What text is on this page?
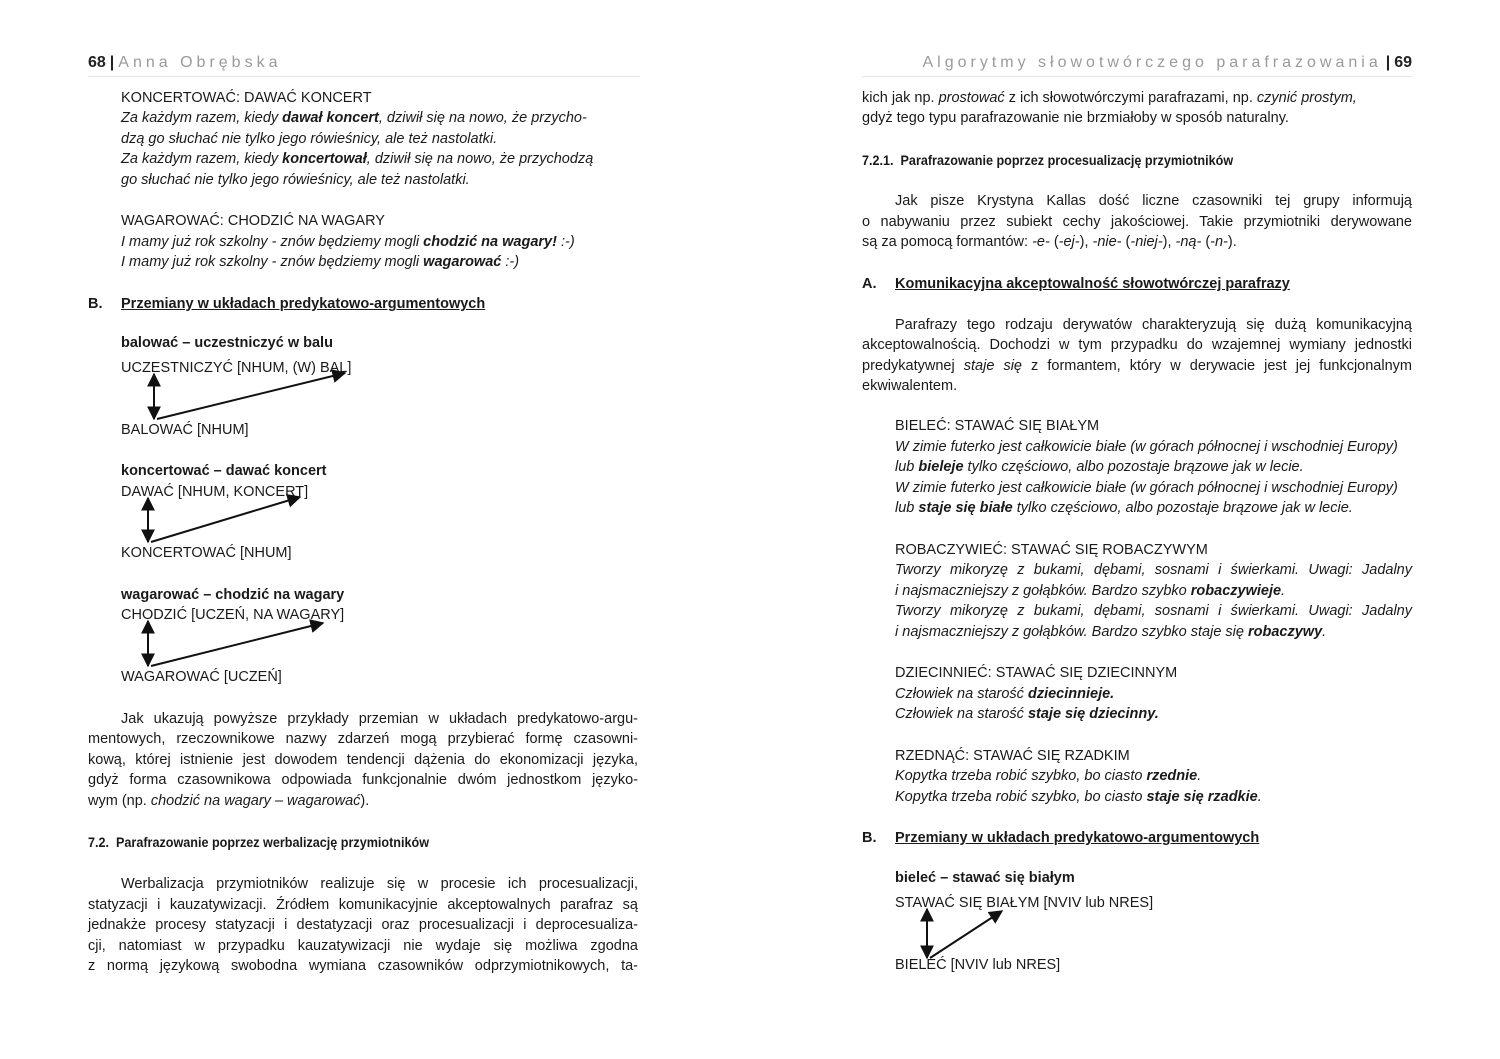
68 | Anna Obrębska
KONCERTOWAĆ: DAWAĆ KONCERT
Za każdym razem, kiedy dawał koncert, dziwił się na nowo, że przycho-
dzą go słuchać nie tylko jego rówieśnicy, ale też nastolatki.
Za każdym razem, kiedy koncertował, dziwił się na nowo, że przychodzą
go słuchać nie tylko jego rówieśnicy, ale też nastolatki.
WAGAROWAĆ: CHODZIĆ NA WAGARY
I mamy już rok szkolny - znów będziemy mogli chodzić na wagary! :-)
I mamy już rok szkolny - znów będziemy mogli wagarować :-)
B. Przemiany w układach predykatowo-argumentowych
balować – uczestniczyć w balu
UCZESTNICZYĆ [NHUM, (W) BAL]
BALOWAĆ [NHUM]
koncertować – dawać koncert
DAWAĆ [NHUM, KONCERT]
KONCERTOWAĆ [NHUM]
wagarować – chodzić na wagary
CHODZIĆ [UCZEŃ, NA WAGARY]
WAGAROWAĆ [UCZEŃ]
Jak ukazują powyższe przykłady przemian w układach predykatowo-argu-
mentowych, rzeczownikowe nazwy zdarzeń mogą przybierać formę czasowni-
kową, której istnienie jest dowodem tendencji dążenia do ekonomizacji języka,
gdyż forma czasownikowa odpowiada funkcjonalnie dwóm jednostkom języko-
wym (np. chodzić na wagary – wagarować).
7.2.  Parafrazowanie poprzez werbalizację przymiotników
Werbalizacja przymiotników realizuje się w procesie ich procesualizacji,
statyzacji i kauzatywizacji. Źródłem komunikacyjnie akceptowalnych parafraz są
jednakże procesy statyzacji i destatyzacji oraz procesualizacji i deprocesualiza-
cji, natomiast w przypadku kauzatywizacji nie wydaje się możliwa zgodna
z normą językową swobodna wymiana czasowników odprzymiotnikowych, ta-
Algorytmy słowotwórczego parafrazowania | 69
kich jak np. prostować z ich słowotwórczymi parafrazami, np. czynić prostym,
gdyż tego typu parafrazowanie nie brzmiałoby w sposób naturalny.
7.2.1.  Parafrazowanie poprzez procesualizację przymiotników
Jak pisze Krystyna Kallas dość liczne czasowniki tej grupy informują
o nabywaniu przez subiekt cechy jakościowej. Takie przymiotniki derywowane
są za pomocą formantów: -e- (-ej-), -nie- (-niej-), -ną- (-n-).
A. Komunikacyjna akceptowalność słowotwórczej parafrazy
Parafrazy tego rodzaju derywatów charakteryzują się dużą komunikacyjną
akceptowalnością. Dochodzi w tym przypadku do wzajemnej wymiany jednostki
predykatywnej staje się z formantem, który w derywacie jest jej funkcjonalnym
ekwiwalentem.
BIELEĆ: STAWAĆ SIĘ BIAŁYM
W zimie futerko jest całkowicie białe (w górach północnej i wschodniej Europy)
lub bieleje tylko częściowo, albo pozostaje brązowe jak w lecie.
W zimie futerko jest całkowicie białe (w górach północnej i wschodniej Europy)
lub staje się białe tylko częściowo, albo pozostaje brązowe jak w lecie.
ROBACZYWIEĆ: STAWAĆ SIĘ ROBACZYWYM
Tworzy mikoryzę z bukami, dębami, sosnami i świerkami. Uwagi: Jadalny
i najsmaczniejszy z gołąbków. Bardzo szybko robaczywieje.
Tworzy mikoryzę z bukami, dębami, sosnami i świerkami. Uwagi: Jadalny
i najsmaczniejszy z gołąbków. Bardzo szybko staje się robaczywy.
DZIECINNIEĆ: STAWAĆ SIĘ DZIECINNYM
Człowiek na starość dziecinnieje.
Człowiek na starość staje się dziecinny.
RZEDNĄĆ: STAWAĆ SIĘ RZADKIM
Kopytka trzeba robić szybko, bo ciasto rzednie.
Kopytka trzeba robić szybko, bo ciasto staje się rzadkie.
B. Przemiany w układach predykatowo-argumentowych
bieleć – stawać się białym
STAWAĆ SIĘ BIAŁYM [NVIV lub NRES]
BIELEĆ [NVIV lub NRES]
